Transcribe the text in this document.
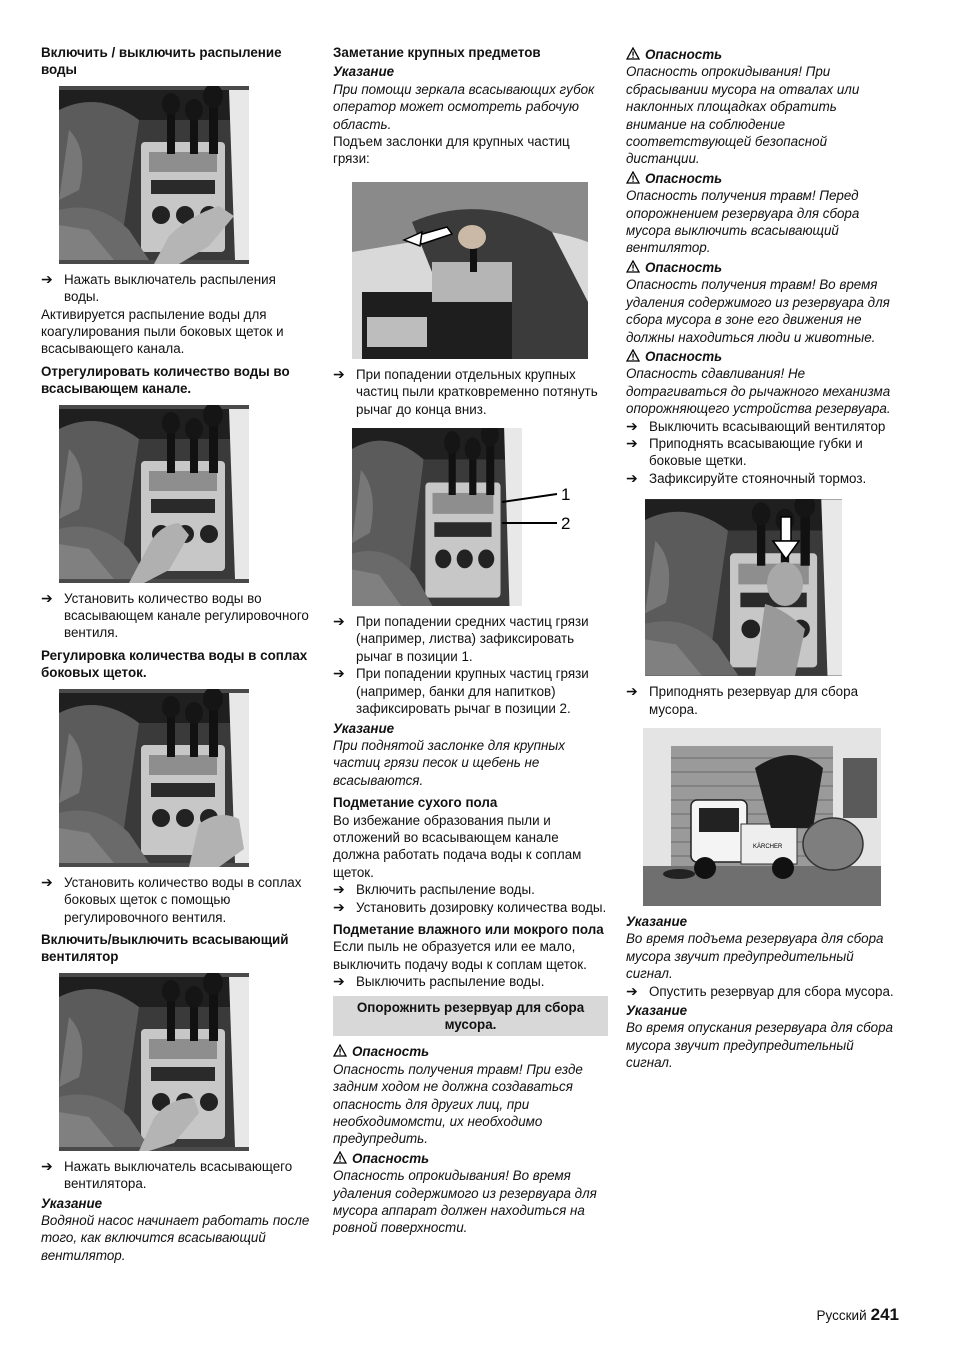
Включить / выключить распыление воды

➔ Нажать выключатель распыления воды.

Активируется распыление воды для коагулирования пыли боковых щеток и всасывающего канала.

Отрегулировать количество воды во всасывающем канале.

➔ Установить количество воды во всасывающем канале регулировочного вентиля.

Регулировка количества воды в соплах боковых щеток.

➔ Установить количество воды в соплах боковых щеток с помощью регулировочного вентиля.

Включить/выключить всасывающий вентилятор

➔ Нажать выключатель всасывающего вентилятора.

Указание

Водяной насос начинает работать после того, как включится всасывающий вентилятор.

Заметание крупных предметов

Указание

При помощи зеркала всасывающих губок оператор может осмотреть рабочую область.

Подъем заслонки для крупных частиц грязи:

➔ При попадении отдельных крупных частиц пыли кратковременно потянуть рычаг до конца вниз.
1
2
➔ При попадении средних частиц грязи (например, листва) зафиксировать рычаг в позиции 1.
➔ При попадении крупных частиц грязи (например, банки для напитков) зафиксировать рычаг в позиции 2.

Указание

При поднятой заслонке для крупных частиц грязи песок и щебень не всасываются.

Подметание сухого пола

Во избежание образования пыли и отложений во всасывающем канале должна работать подача воды к соплам щеток.

➔ Включить распыление воды.
➔ Установить дозировку количества воды.

Подметание влажного или мокрого пола

Если пыль не образуется или ее мало, выключить подачу воды к соплам щеток.

➔ Выключить распыление воды.
Опорожнить резервуар для сбора мусора.

Опасность

Опасность получения травм! При езде задним ходом не должна создаваться опасность для других лиц, при необходимомсти, их необходимо предупредить.

Опасность

Опасность опрокидывания! Во время удаления содержимого из резервуара для мусора аппарат должен находиться на ровной поверхности.

Опасность

Опасность опрокидывания! При сбрасывании мусора на отвалах или наклонных площадках обратить внимание на соблюдение соответствующей безопасной дистанции.

Опасность

Опасность получения травм! Перед опорожнением резервуара для сбора мусора выключить всасывающий вентилятор.

Опасность

Опасность получения травм! Во время удаления содержимого из резервуара для сбора мусора в зоне его движения не должны находиться люди и животные.

Опасность

Опасность сдавливания! Не дотрагиваться до рычажного механизма опорожняющего устройства резервуара.

➔ Выключить всасывающий вентилятор
➔ Приподнять всасывающие губки и боковые щетки.
➔ Зафиксируйте стояночный тормоз.
➔ Приподнять резервуар для сбора мусора.
KÄRCHER

Указание

Во время подъема резервуара для сбора мусора звучит предупредительный сигнал.

➔ Опустить резервуар для сбора мусора.

Указание

Во время опускания резервуара для сбора мусора звучит предупредительный сигнал.

Русский 241
